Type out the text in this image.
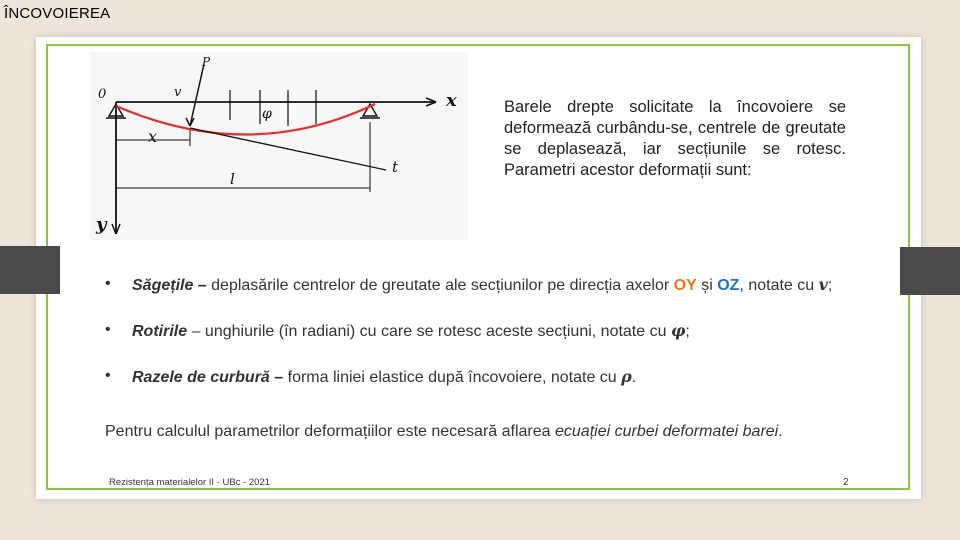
ÎNCOVOIEREA
0	x
y
P
v
φ
x
l
t
Barele drepte solicitate la încovoiere se deformează curbându-se, centrele de greutate se deplasează, iar secțiunile se rotesc. Parametri acestor deformații sunt:
• Săgețile – deplasările centrelor de greutate ale secțiunilor pe direcția axelor OY și OZ, notate cu v;
• Rotirile – unghiurile (în radiani) cu care se rotesc aceste secțiuni, notate cu φ;
• Razele de curbură – forma liniei elastice după încovoiere, notate cu ρ.
Pentru calculul parametrilor deformațiilor este necesară aflarea ecuației curbei deformatei barei.
Rezistența materialelor II - UBc - 2021	2
